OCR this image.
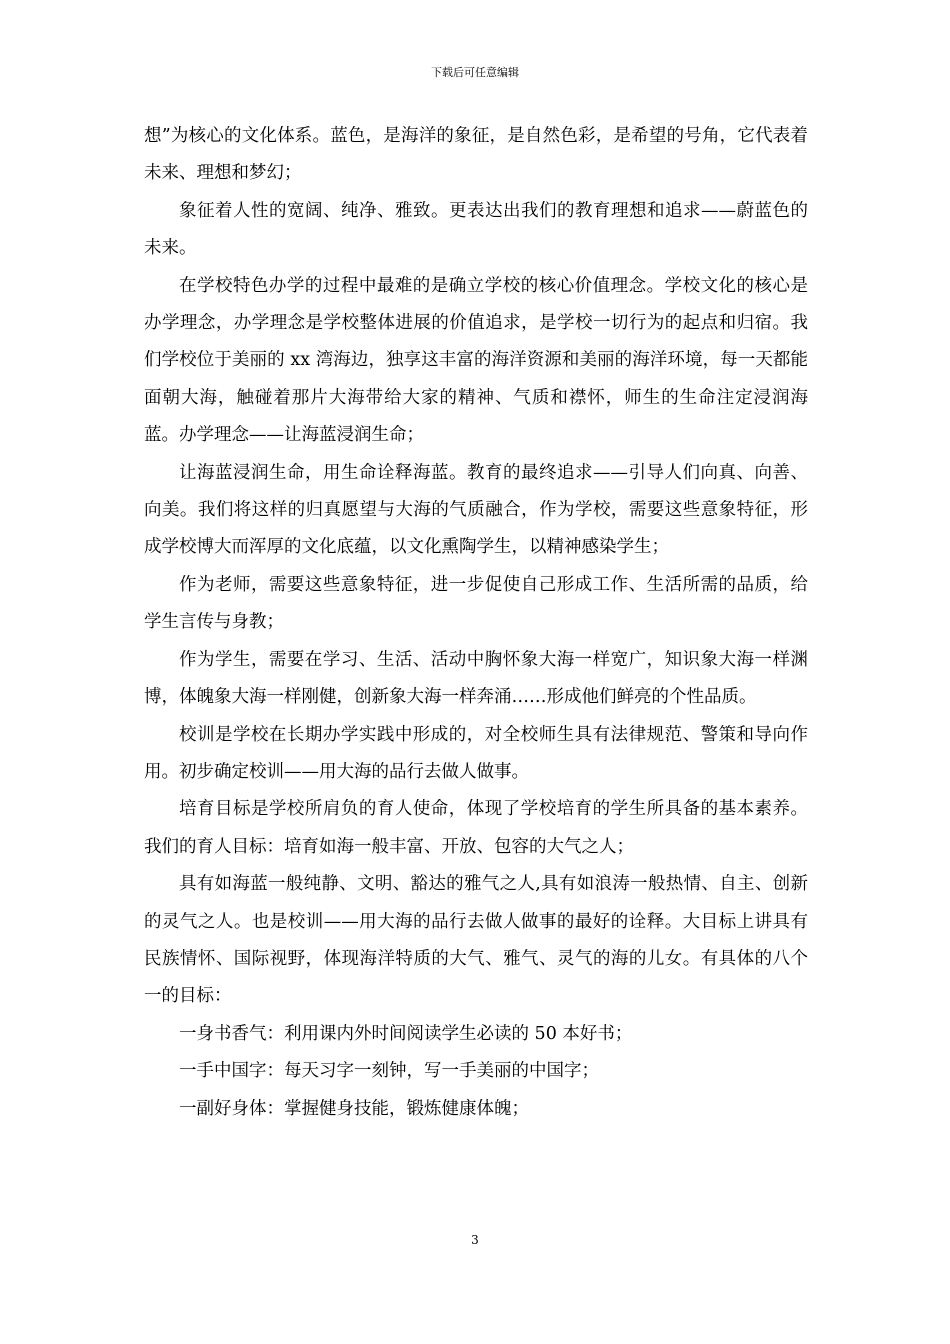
下载后可任意编辑

想”为核心的文化体系。蓝色，是海洋的象征，是自然色彩，是希望的号角，它代表着未来、理想和梦幻；

象征着人性的宽阔、纯净、雅致。更表达出我们的教育理想和追求——蔚蓝色的未来。

在学校特色办学的过程中最难的是确立学校的核心价值理念。学校文化的核心是办学理念，办学理念是学校整体进展的价值追求，是学校一切行为的起点和归宿。我们学校位于美丽的 xx 湾海边，独享这丰富的海洋资源和美丽的海洋环境，每一天都能面朝大海，触碰着那片大海带给大家的精神、气质和襟怀，师生的生命注定浸润海蓝。办学理念——让海蓝浸润生命；

让海蓝浸润生命，用生命诠释海蓝。教育的最终追求——引导人们向真、向善、向美。我们将这样的归真愿望与大海的气质融合，作为学校，需要这些意象特征，形成学校博大而浑厚的文化底蕴，以文化熏陶学生，以精神感染学生；

作为老师，需要这些意象特征，进一步促使自己形成工作、生活所需的品质，给学生言传与身教；

作为学生，需要在学习、生活、活动中胸怀象大海一样宽广，知识象大海一样渊博，体魄象大海一样刚健，创新象大海一样奔涌……形成他们鲜亮的个性品质。

校训是学校在长期办学实践中形成的，对全校师生具有法律规范、警策和导向作用。初步确定校训——用大海的品行去做人做事。

培育目标是学校所肩负的育人使命，体现了学校培育的学生所具备的基本素养。我们的育人目标：培育如海一般丰富、开放、包容的大气之人；

具有如海蓝一般纯静、文明、豁达的雅气之人,具有如浪涛一般热情、自主、创新的灵气之人。也是校训——用大海的品行去做人做事的最好的诠释。大目标上讲具有民族情怀、国际视野，体现海洋特质的大气、雅气、灵气的海的儿女。有具体的八个一的目标：

一身书香气：利用课内外时间阅读学生必读的 50 本好书；

一手中国字：每天习字一刻钟，写一手美丽的中国字；

一副好身体：掌握健身技能，锻炼健康体魄；

3
